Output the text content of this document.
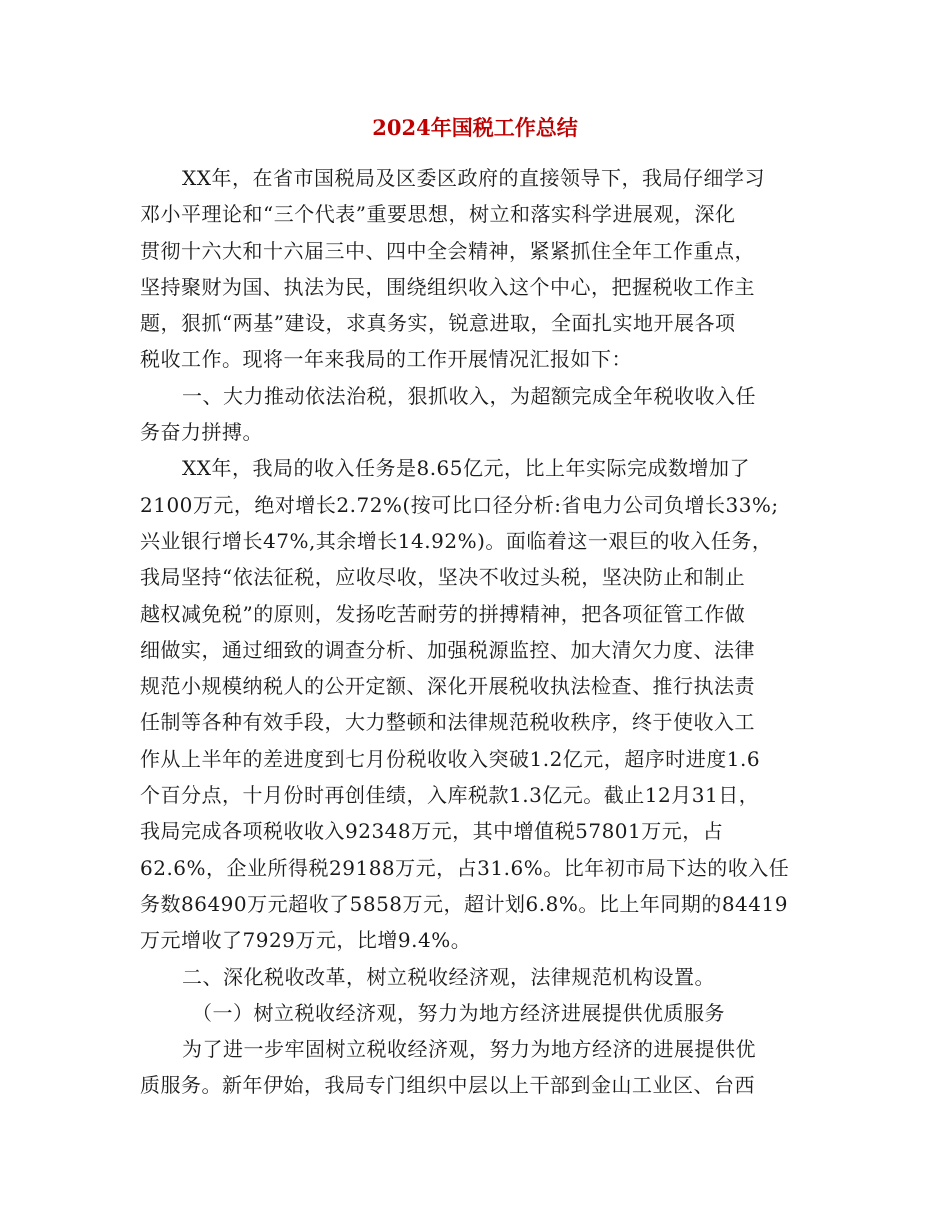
2024年国税工作总结
XX年，在省市国税局及区委区政府的直接领导下，我局仔细学习
邓小平理论和“三个代表”重要思想，树立和落实科学进展观，深化
贯彻十六大和十六届三中、四中全会精神，紧紧抓住全年工作重点，
坚持聚财为国、执法为民，围绕组织收入这个中心，把握税收工作主
题，狠抓“两基”建设，求真务实，锐意进取，全面扎实地开展各项
税收工作。现将一年来我局的工作开展情况汇报如下：
一、大力推动依法治税，狠抓收入，为超额完成全年税收收入任
务奋力拼搏。
XX年，我局的收入任务是8.65亿元，比上年实际完成数增加了
2100万元，绝对增长2.72%(按可比口径分析:省电力公司负增长33%;
兴业银行增长47%,其余增长14.92%)。面临着这一艰巨的收入任务，
我局坚持“依法征税，应收尽收，坚决不收过头税，坚决防止和制止
越权减免税”的原则，发扬吃苦耐劳的拼搏精神，把各项征管工作做
细做实，通过细致的调查分析、加强税源监控、加大清欠力度、法律
规范小规模纳税人的公开定额、深化开展税收执法检查、推行执法责
任制等各种有效手段，大力整顿和法律规范税收秩序，终于使收入工
作从上半年的差进度到七月份税收收入突破1.2亿元，超序时进度1.6
个百分点，十月份时再创佳绩，入库税款1.3亿元。截止12月31日，
我局完成各项税收收入92348万元，其中增值税57801万元，占
62.6%，企业所得税29188万元，占31.6%。比年初市局下达的收入任
务数86490万元超收了5858万元，超计划6.8%。比上年同期的84419
万元增收了7929万元，比增9.4%。
二、深化税收改革，树立税收经济观，法律规范机构设置。
（一）树立税收经济观，努力为地方经济进展提供优质服务
为了进一步牢固树立税收经济观，努力为地方经济的进展提供优
质服务。新年伊始，我局专门组织中层以上干部到金山工业区、台西
